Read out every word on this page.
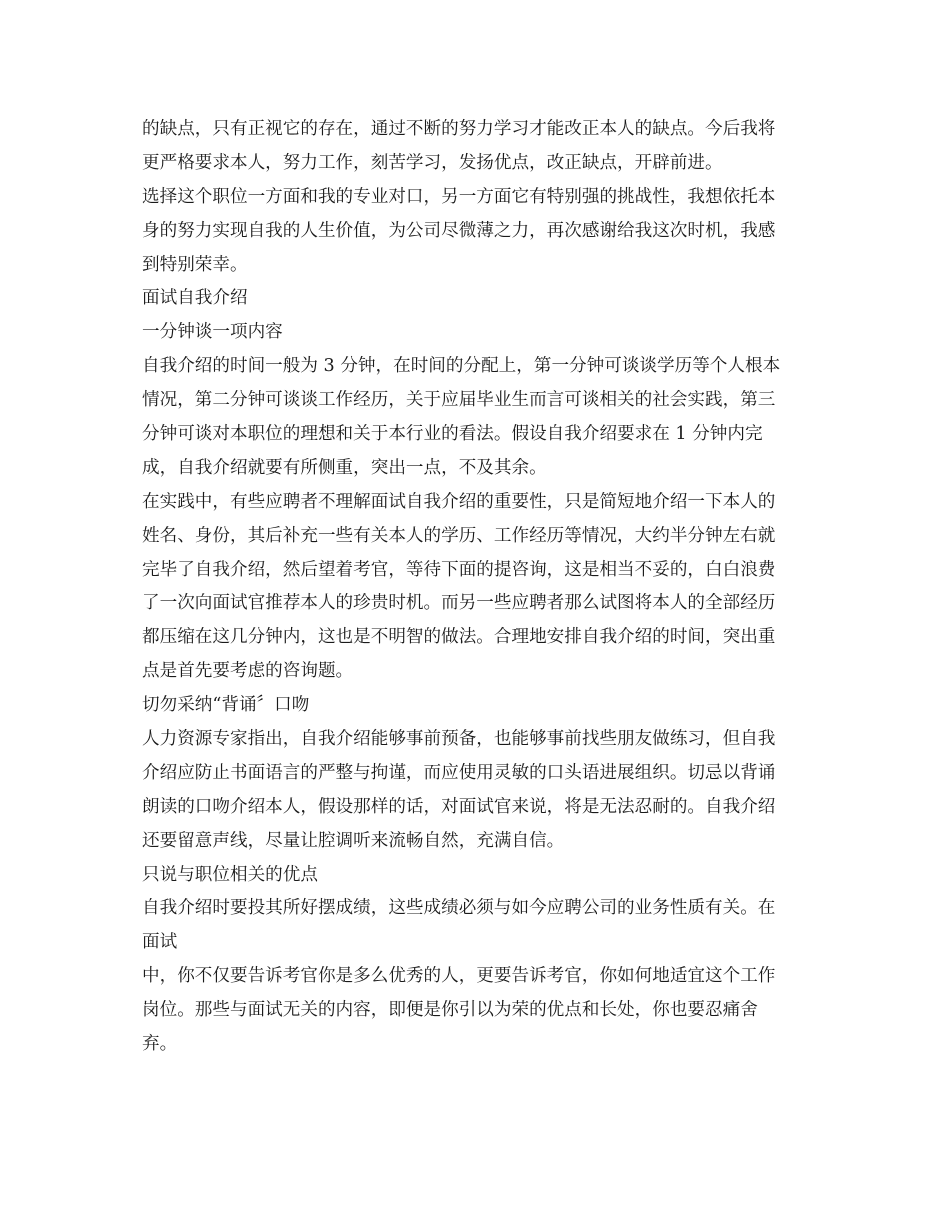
的缺点，只有正视它的存在，通过不断的努力学习才能改正本人的缺点。今后我将
更严格要求本人，努力工作，刻苦学习，发扬优点，改正缺点，开辟前进。
选择这个职位一方面和我的专业对口，另一方面它有特别强的挑战性，我想依托本
身的努力实现自我的人生价值，为公司尽微薄之力，再次感谢给我这次时机，我感
到特别荣幸。
面试自我介绍
一分钟谈一项内容
自我介绍的时间一般为 3 分钟，在时间的分配上，第一分钟可谈谈学历等个人根本
情况，第二分钟可谈谈工作经历，关于应届毕业生而言可谈相关的社会实践，第三
分钟可谈对本职位的理想和关于本行业的看法。假设自我介绍要求在 1 分钟内完
成，自我介绍就要有所侧重，突出一点，不及其余。
在实践中，有些应聘者不理解面试自我介绍的重要性，只是简短地介绍一下本人的
姓名、身份，其后补充一些有关本人的学历、工作经历等情况，大约半分钟左右就
完毕了自我介绍，然后望着考官，等待下面的提咨询，这是相当不妥的，白白浪费
了一次向面试官推荐本人的珍贵时机。而另一些应聘者那么试图将本人的全部经历
都压缩在这几分钟内，这也是不明智的做法。合理地安排自我介绍的时间，突出重
点是首先要考虑的咨询题。
切勿采纳“背诵〞口吻
人力资源专家指出，自我介绍能够事前预备，也能够事前找些朋友做练习，但自我
介绍应防止书面语言的严整与拘谨，而应使用灵敏的口头语进展组织。切忌以背诵
朗读的口吻介绍本人，假设那样的话，对面试官来说，将是无法忍耐的。自我介绍
还要留意声线，尽量让腔调听来流畅自然，充满自信。
只说与职位相关的优点
自我介绍时要投其所好摆成绩，这些成绩必须与如今应聘公司的业务性质有关。在
面试
中，你不仅要告诉考官你是多么优秀的人，更要告诉考官，你如何地适宜这个工作
岗位。那些与面试无关的内容，即便是你引以为荣的优点和长处，你也要忍痛舍
弃。
